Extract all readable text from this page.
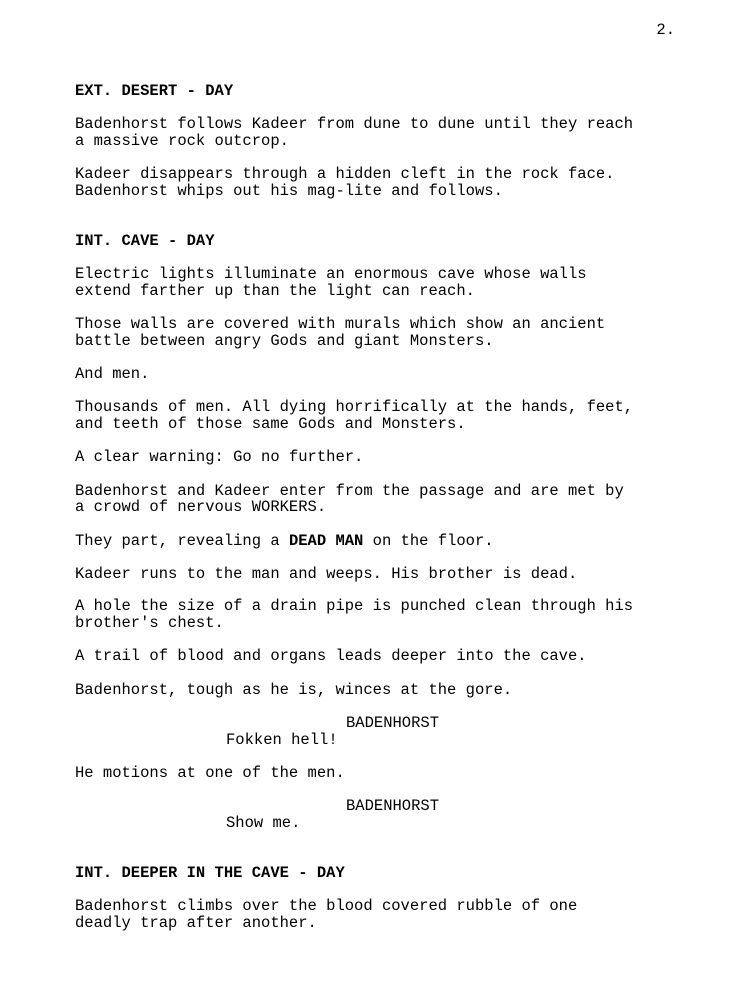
2.
EXT. DESERT - DAY
Badenhorst follows Kadeer from dune to dune until they reach
a massive rock outcrop.
Kadeer disappears through a hidden cleft in the rock face.
Badenhorst whips out his mag-lite and follows.
INT. CAVE - DAY
Electric lights illuminate an enormous cave whose walls
extend farther up than the light can reach.
Those walls are covered with murals which show an ancient
battle between angry Gods and giant Monsters.
And men.
Thousands of men. All dying horrifically at the hands, feet,
and teeth of those same Gods and Monsters.
A clear warning: Go no further.
Badenhorst and Kadeer enter from the passage and are met by
a crowd of nervous WORKERS.
They part, revealing a DEAD MAN on the floor.
Kadeer runs to the man and weeps. His brother is dead.
A hole the size of a drain pipe is punched clean through his
brother's chest.
A trail of blood and organs leads deeper into the cave.
Badenhorst, tough as he is, winces at the gore.
BADENHORST
Fokken hell!
He motions at one of the men.
BADENHORST
Show me.
INT. DEEPER IN THE CAVE - DAY
Badenhorst climbs over the blood covered rubble of one
deadly trap after another.
